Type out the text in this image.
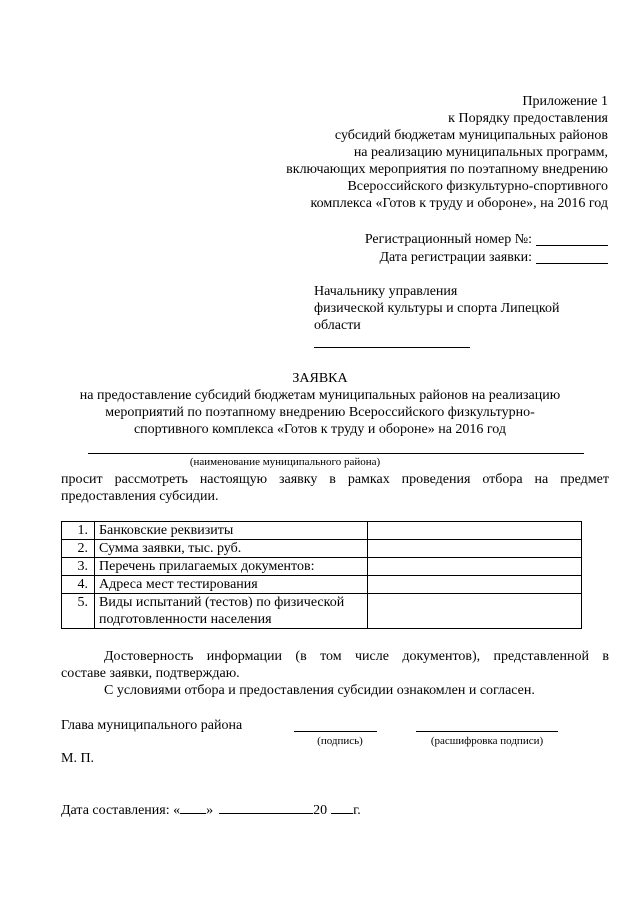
Приложение 1
к Порядку предоставления
субсидий бюджетам муниципальных районов
на реализацию муниципальных программ,
включающих мероприятия по поэтапному внедрению
Всероссийского физкультурно-спортивного
комплекса «Готов к труду и обороне», на 2016 год
Регистрационный номер №:
Дата регистрации заявки:
Начальнику управления
физической культуры и спорта Липецкой
области
ЗАЯВКА
на предоставление субсидий бюджетам муниципальных районов на реализацию
мероприятий по поэтапному внедрению Всероссийского физкультурно-
спортивного комплекса «Готов к труду и обороне» на 2016 год
(наименование муниципального района)
просит рассмотреть настоящую заявку в рамках проведения отбора на предмет
предоставления субсидии.
1.	Банковские реквизиты	
2.	Сумма заявки, тыс. руб.	
3.	Перечень прилагаемых документов:	
4.	Адреса мест тестирования	
5.	Виды испытаний (тестов) по физической
подготовленности населения	

Достоверность информации (в том числе документов), представленной в
составе заявки, подтверждаю.
С условиями отбора и предоставления субсидии ознакомлен и согласен.
Глава муниципального района
(подпись)	(расшифровка подписи)
М. П.
Дата составления: « »	20 г.
